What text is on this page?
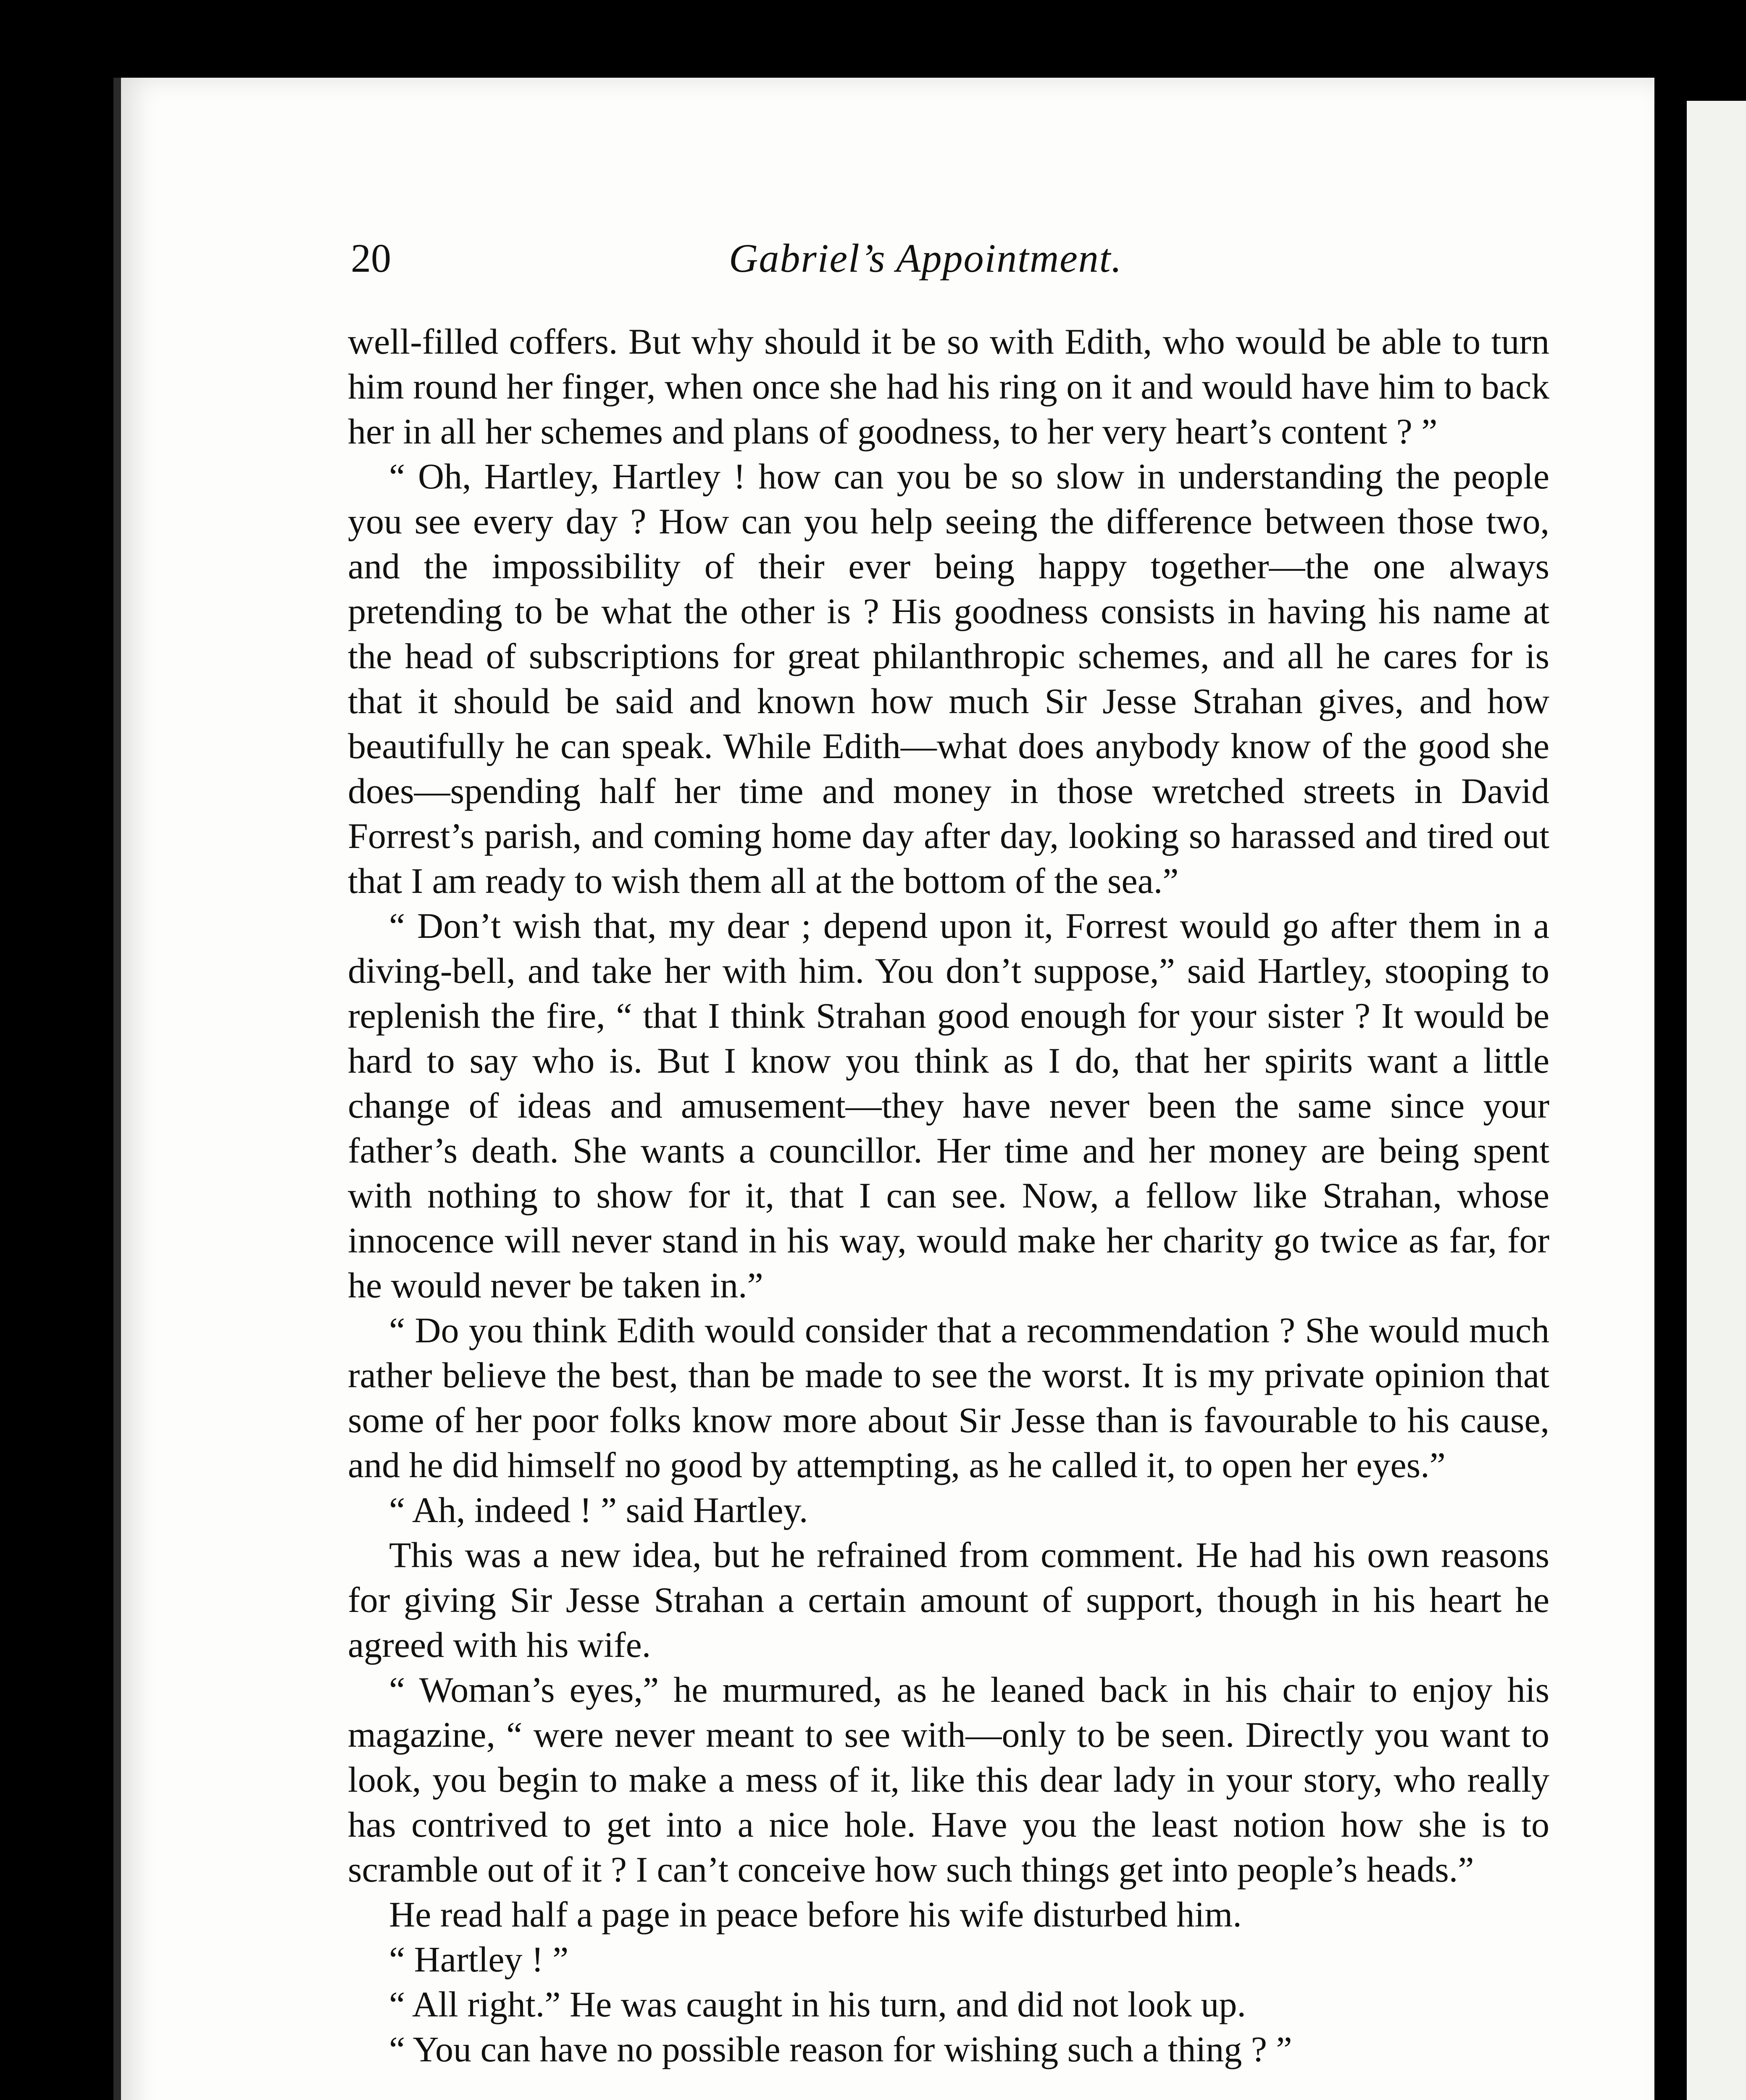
20	Gabriel’s Appointment.

well-filled coffers. But why should it be so with Edith, who would be able to turn him round her finger, when once she had his ring on it and would have him to back her in all her schemes and plans of goodness, to her very heart’s content ? ”

“ Oh, Hartley, Hartley ! how can you be so slow in understanding the people you see every day ? How can you help seeing the difference between those two, and the impossibility of their ever being happy together—the one always pretending to be what the other is ? His goodness consists in having his name at the head of subscriptions for great philanthropic schemes, and all he cares for is that it should be said and known how much Sir Jesse Strahan gives, and how beautifully he can speak. While Edith—what does anybody know of the good she does—spending half her time and money in those wretched streets in David Forrest’s parish, and coming home day after day, looking so harassed and tired out that I am ready to wish them all at the bottom of the sea.”

“ Don’t wish that, my dear ; depend upon it, Forrest would go after them in a diving-bell, and take her with him. You don’t suppose,” said Hartley, stooping to replenish the fire, “ that I think Strahan good enough for your sister ? It would be hard to say who is. But I know you think as I do, that her spirits want a little change of ideas and amusement—they have never been the same since your father’s death. She wants a councillor. Her time and her money are being spent with nothing to show for it, that I can see. Now, a fellow like Strahan, whose innocence will never stand in his way, would make her charity go twice as far, for he would never be taken in.”

“ Do you think Edith would consider that a recommendation ? She would much rather believe the best, than be made to see the worst. It is my private opinion that some of her poor folks know more about Sir Jesse than is favourable to his cause, and he did himself no good by attempting, as he called it, to open her eyes.”

“ Ah, indeed ! ” said Hartley.

This was a new idea, but he refrained from comment. He had his own reasons for giving Sir Jesse Strahan a certain amount of support, though in his heart he agreed with his wife.

“ Woman’s eyes,” he murmured, as he leaned back in his chair to enjoy his magazine, “ were never meant to see with—only to be seen. Directly you want to look, you begin to make a mess of it, like this dear lady in your story, who really has contrived to get into a nice hole. Have you the least notion how she is to scramble out of it ? I can’t conceive how such things get into people’s heads.”

He read half a page in peace before his wife disturbed him.

“ Hartley ! ”

“ All right.” He was caught in his turn, and did not look up.

“ You can have no possible reason for wishing such a thing ? ”
